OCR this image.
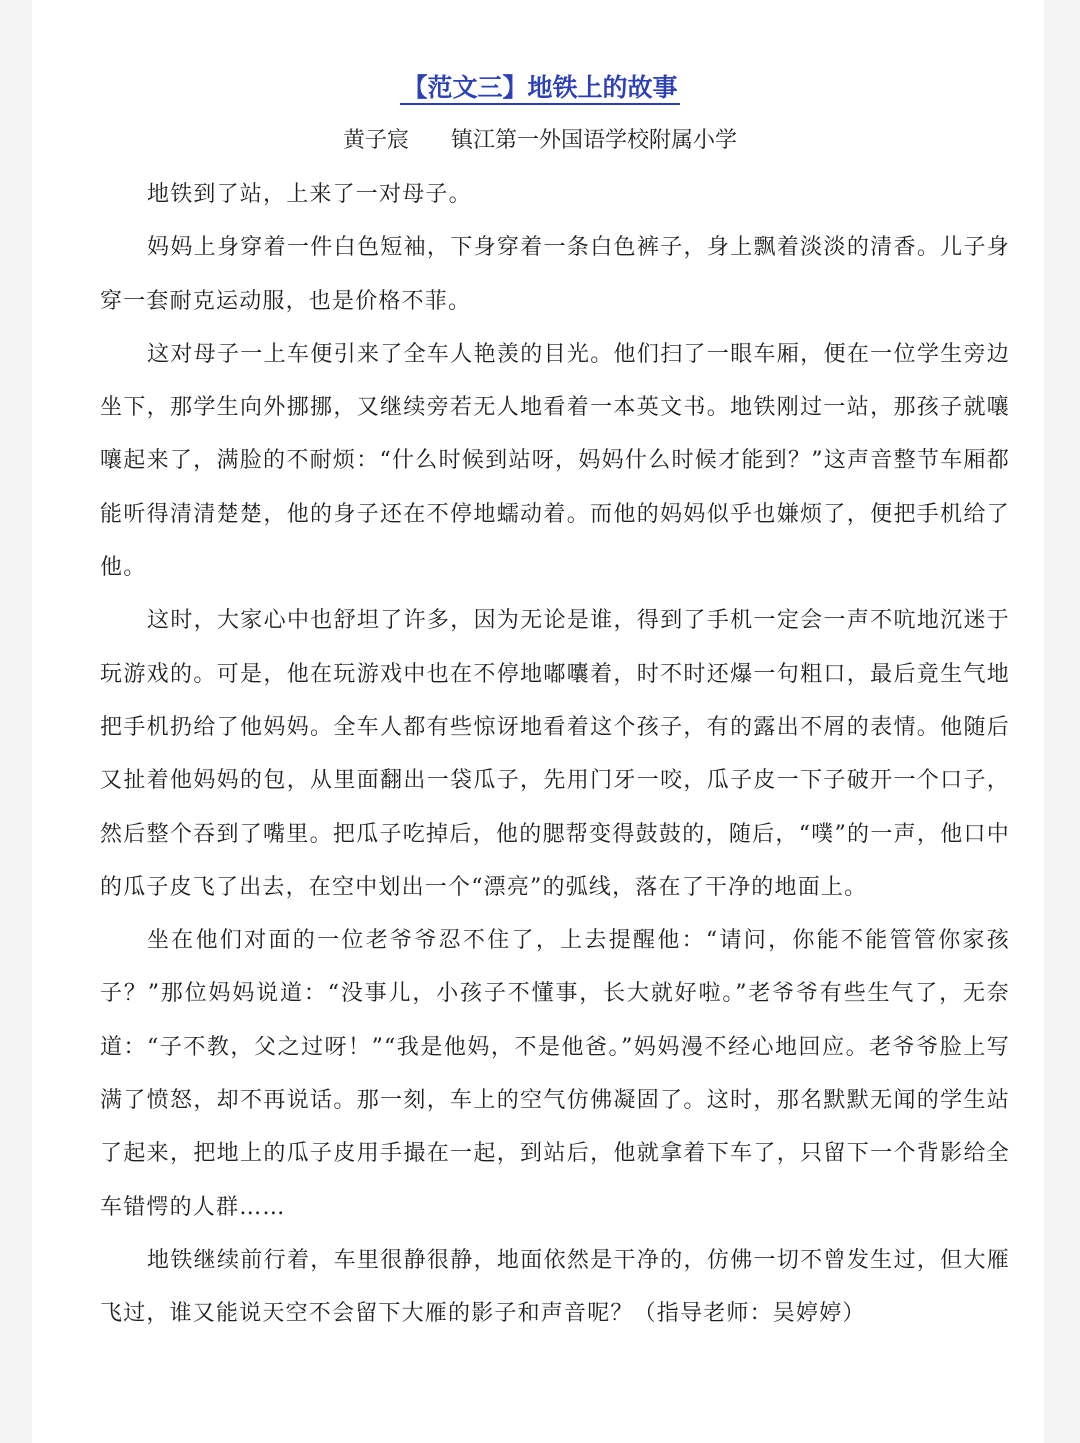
【范文三】地铁上的故事
黄子宸      镇江第一外国语学校附属小学

地铁到了站，上来了一对母子。

妈妈上身穿着一件白色短袖，下身穿着一条白色裤子，身上飘着淡淡的清香。儿子身穿一套耐克运动服，也是价格不菲。

这对母子一上车便引来了全车人艳羡的目光。他们扫了一眼车厢，便在一位学生旁边坐下，那学生向外挪挪，又继续旁若无人地看着一本英文书。地铁刚过一站，那孩子就嚷嚷起来了，满脸的不耐烦：“什么时候到站呀，妈妈什么时候才能到？”这声音整节车厢都能听得清清楚楚，他的身子还在不停地蠕动着。而他的妈妈似乎也嫌烦了，便把手机给了他。

这时，大家心中也舒坦了许多，因为无论是谁，得到了手机一定会一声不吭地沉迷于玩游戏的。可是，他在玩游戏中也在不停地嘟囔着，时不时还爆一句粗口，最后竟生气地把手机扔给了他妈妈。全车人都有些惊讶地看着这个孩子，有的露出不屑的表情。他随后又扯着他妈妈的包，从里面翻出一袋瓜子，先用门牙一咬，瓜子皮一下子破开一个口子，然后整个吞到了嘴里。把瓜子吃掉后，他的腮帮变得鼓鼓的，随后，“噗”的一声，他口中的瓜子皮飞了出去，在空中划出一个“漂亮”的弧线，落在了干净的地面上。

坐在他们对面的一位老爷爷忍不住了，上去提醒他：“请问，你能不能管管你家孩子？”那位妈妈说道：“没事儿，小孩子不懂事，长大就好啦。”老爷爷有些生气了，无奈道：“子不教，父之过呀！”“我是他妈，不是他爸。”妈妈漫不经心地回应。老爷爷脸上写满了愤怒，却不再说话。那一刻，车上的空气仿佛凝固了。这时，那名默默无闻的学生站了起来，把地上的瓜子皮用手撮在一起，到站后，他就拿着下车了，只留下一个背影给全车错愕的人群……

地铁继续前行着，车里很静很静，地面依然是干净的，仿佛一切不曾发生过，但大雁飞过，谁又能说天空不会留下大雁的影子和声音呢？（指导老师：吴婷婷）
